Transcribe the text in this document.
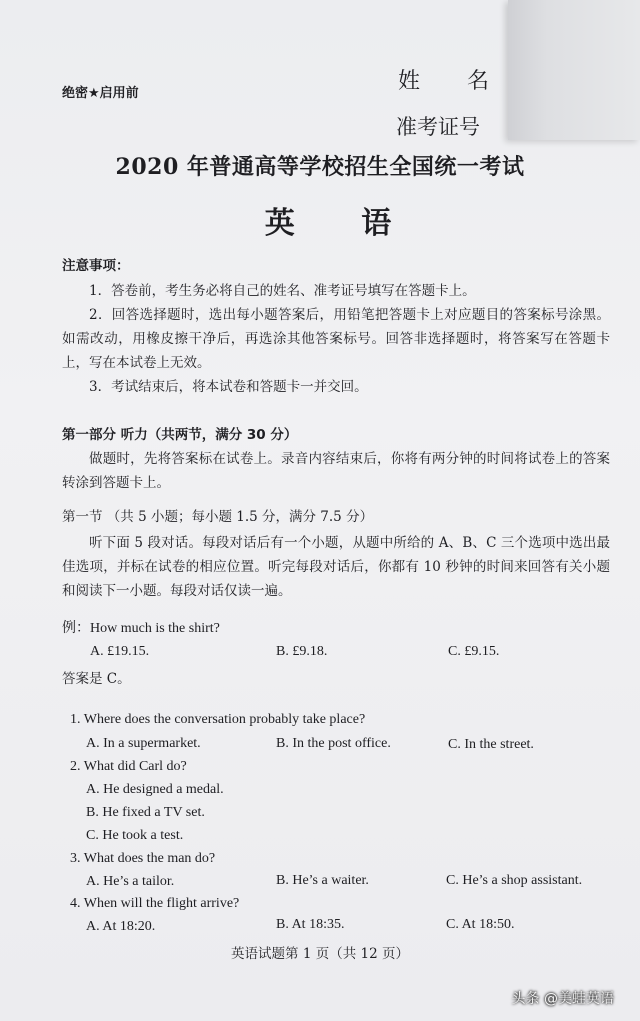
绝密★启用前	姓 名
准考证号
2020 年普通高等学校招生全国统一考试
英 语
注意事项：
1．答卷前，考生务必将自己的姓名、准考证号填写在答题卡上。
2．回答选择题时，选出每小题答案后，用铅笔把答题卡上对应题目的答案标号涂黑。如需改动，用橡皮擦干净后，再选涂其他答案标号。回答非选择题时，将答案写在答题卡上，写在本试卷上无效。
3．考试结束后，将本试卷和答题卡一并交回。
第一部分 听力（共两节，满分 30 分）
做题时，先将答案标在试卷上。录音内容结束后，你将有两分钟的时间将试卷上的答案转涂到答题卡上。
第一节 （共 5 小题；每小题 1.5 分，满分 7.5 分）
听下面 5 段对话。每段对话后有一个小题，从题中所给的 A、B、C 三个选项中选出最佳选项，并标在试卷的相应位置。听完每段对话后，你都有 10 秒钟的时间来回答有关小题和阅读下一小题。每段对话仅读一遍。
例：How much is the shirt?
A. £19.15.	B. £9.18.	C. £9.15.
答案是 C。
1. Where does the conversation probably take place?
A. In a supermarket.	B. In the post office.	C. In the street.
2. What did Carl do?
A. He designed a medal.
B. He fixed a TV set.
C. He took a test.
3. What does the man do?
A. He’s a tailor.	B. He’s a waiter.	C. He’s a shop assistant.
4. When will the flight arrive?
A. At 18:20.	B. At 18:35.	C. At 18:50.
英语试题第 1 页（共 12 页）
头条 @美蛙英语
